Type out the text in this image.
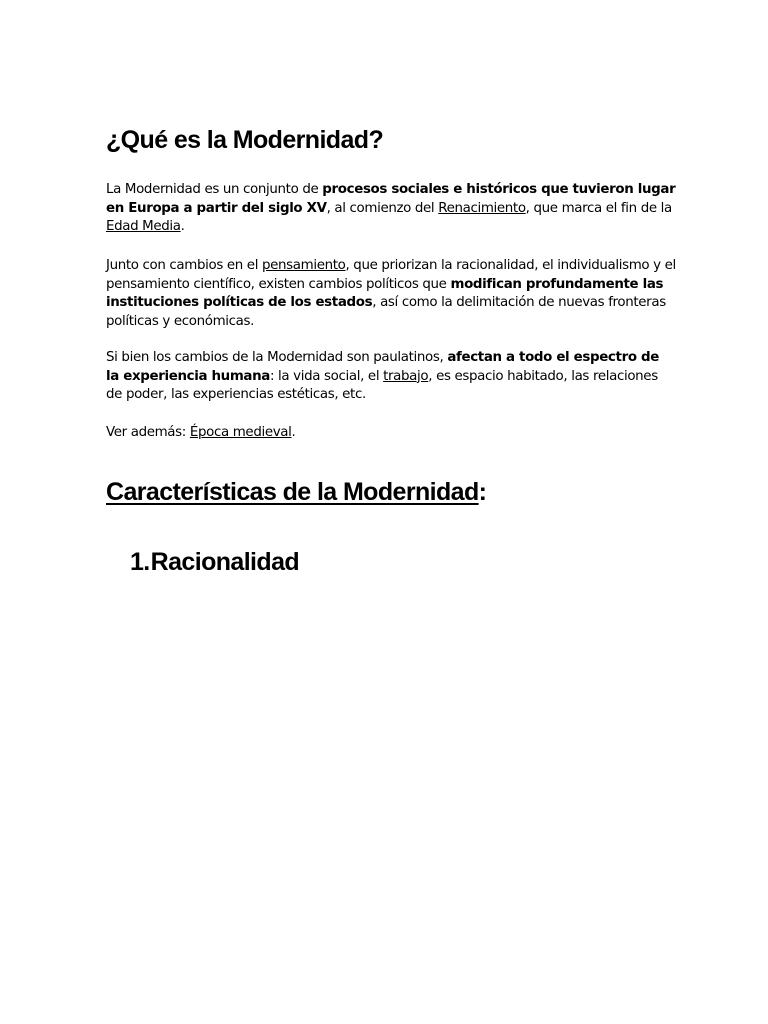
¿Qué es la Modernidad?

La Modernidad es un conjunto de procesos sociales e históricos que tuvieron lugar en Europa a partir del siglo XV, al comienzo del Renacimiento, que marca el fin de la Edad Media.

Junto con cambios en el pensamiento, que priorizan la racionalidad, el individualismo y el pensamiento científico, existen cambios políticos que modifican profundamente las instituciones políticas de los estados, así como la delimitación de nuevas fronteras políticas y económicas.

Si bien los cambios de la Modernidad son paulatinos, afectan a todo el espectro de la experiencia humana: la vida social, el trabajo, es espacio habitado, las relaciones de poder, las experiencias estéticas, etc.

Ver además: Época medieval.

Características de la Modernidad:
1.Racionalidad
